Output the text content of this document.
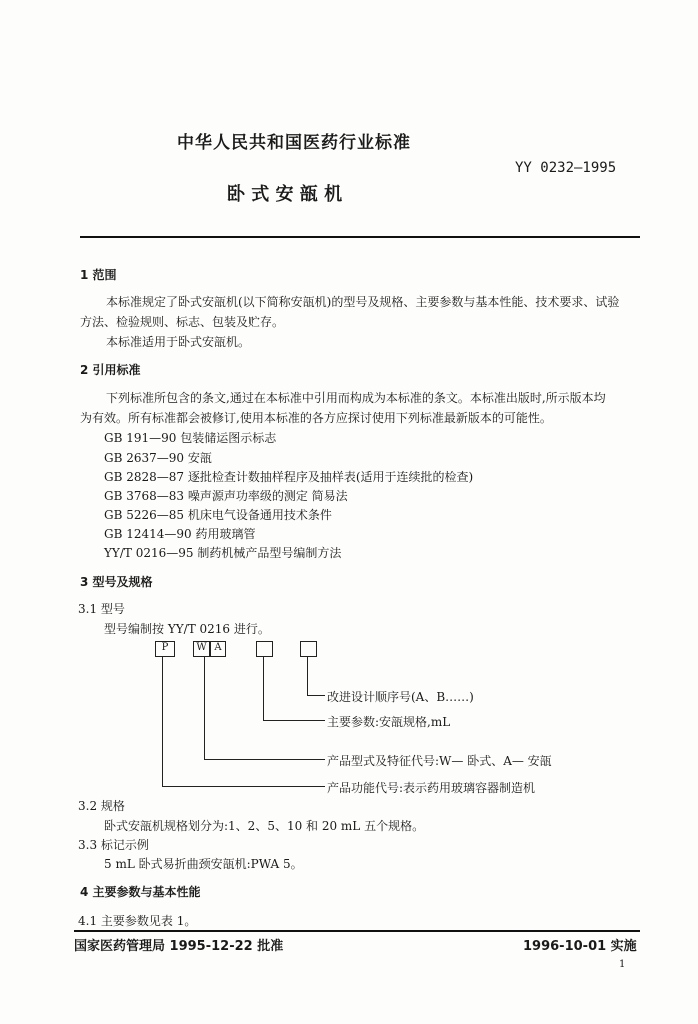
中华人民共和国医药行业标准
YY 0232—1995
卧 式 安 瓿 机
1 范围
本标准规定了卧式安瓿机(以下简称安瓿机)的型号及规格、主要参数与基本性能、技术要求、试验
方法、检验规则、标志、包装及贮存。
本标准适用于卧式安瓿机。
2 引用标准
下列标准所包含的条文,通过在本标准中引用而构成为本标准的条文。本标准出版时,所示版本均
为有效。所有标准都会被修订,使用本标准的各方应探讨使用下列标准最新版本的可能性。
GB 191—90 包装储运图示标志
GB 2637—90 安瓿
GB 2828—87 逐批检查计数抽样程序及抽样表(适用于连续批的检查)
GB 3768—83 噪声源声功率级的测定 简易法
GB 5226—85 机床电气设备通用技术条件
GB 12414—90 药用玻璃管
YY/T 0216—95 制药机械产品型号编制方法
3 型号及规格
3.1 型号
型号编制按 YY/T 0216 进行。
P	W A
改进设计顺序号(A、B……)
主要参数:安瓿规格,mL
产品型式及特征代号:W— 卧式、A— 安瓿
产品功能代号:表示药用玻璃容器制造机
3.2 规格
卧式安瓿机规格划分为:1、2、5、10 和 20 mL 五个规格。
3.3 标记示例
5 mL 卧式易折曲颈安瓿机:PWA 5。
4 主要参数与基本性能
4.1 主要参数见表 1。
国家医药管理局 1995-12-22 批准	1996-10-01 实施
1
